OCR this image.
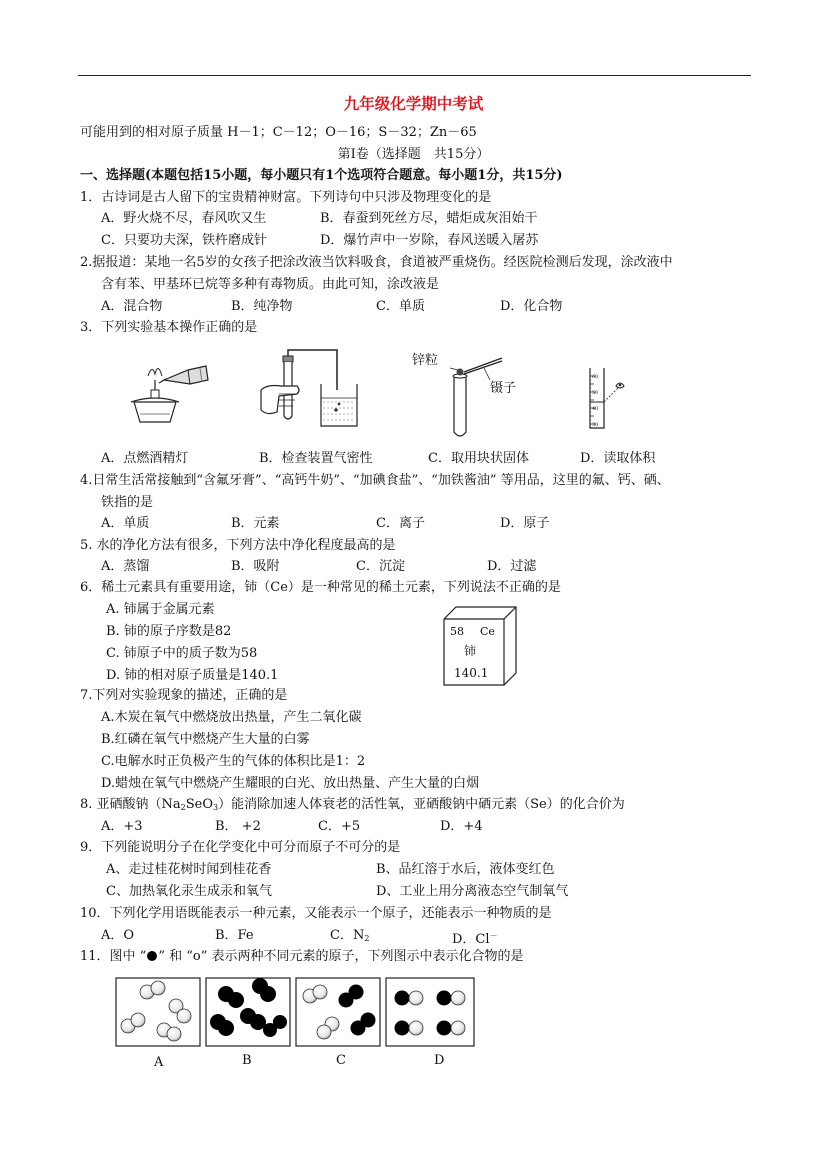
九年级化学期中考试
可能用到的相对原子质量 H－1；C－12；O－16；S－32；Zn－65
第Ⅰ卷（选择题　共15分）
一、选择题(本题包括15小题，每小题只有1个选项符合题意。每小题1分，共15分)
1．古诗词是古人留下的宝贵精神财富。下列诗句中只涉及物理变化的是
A．野火烧不尽，春风吹又生	B．春蚕到死丝方尽，蜡炬成灰泪始干
C．只要功夫深，铁杵磨成针	D．爆竹声中一岁除，春风送暖入屠苏
2.据报道：某地一名5岁的女孩子把涂改液当饮料吸食，食道被严重烧伤。经医院检测后发现，涂改液中
含有苯、甲基环已烷等多种有毒物质。由此可知，涂改液是
A．混合物	B．纯净物	C．单质	D．化合物
3．下列实验基本操作正确的是
锌粒
镊子
60
50
40
30
A．点燃酒精灯	B．检查装置气密性	C．取用块状固体	D．读取体积
4.日常生活常接触到“含氟牙膏”、“高钙牛奶”、“加碘食盐”、“加铁酱油” 等用品，这里的氟、钙、硒、
铁指的是
A．单质	B．元素	C．离子	D．原子
5. 水的净化方法有很多，下列方法中净化程度最高的是
A．蒸馏	B．吸附	C．沉淀	D．过滤
6．稀土元素具有重要用途，铈（Ce）是一种常见的稀土元素，下列说法不正确的是
A. 铈属于金属元素
B. 铈的原子序数是82
C. 铈原子中的质子数为58
D. 铈的相对原子质量是140.1
58 Ce
铈
140.1
7.下列对实验现象的描述，正确的是
A.木炭在氧气中燃烧放出热量，产生二氧化碳
B.红磷在氧气中燃烧产生大量的白雾
C.电解水时正负极产生的气体的体积比是1：2
D.蜡烛在氧气中燃烧产生耀眼的白光、放出热量、产生大量的白烟
8. 亚硒酸钠$(Na_2SeO_3)$能消除加速人体衰老的活性氧，亚硒酸钠中硒元素（Se）的化合价为
A．+3	B． +2	C．+5	D．+4
9．下列能说明分子在化学变化中可分而原子不可分的是
A、走过桂花树时闻到桂花香	B、品红溶于水后，液体变红色
C、加热氧化汞生成汞和氧气	D、工业上用分离液态空气制氧气
10．下列化学用语既能表示一种元素，又能表示一个原子，还能表示一种物质的是
A．O	B．Fe	C．$N_2$	D．Cl－
11．图中 “ ” 和 “o” 表示两种不同元素的原子，下列图示中表示化合物的是
A	B	C	D
